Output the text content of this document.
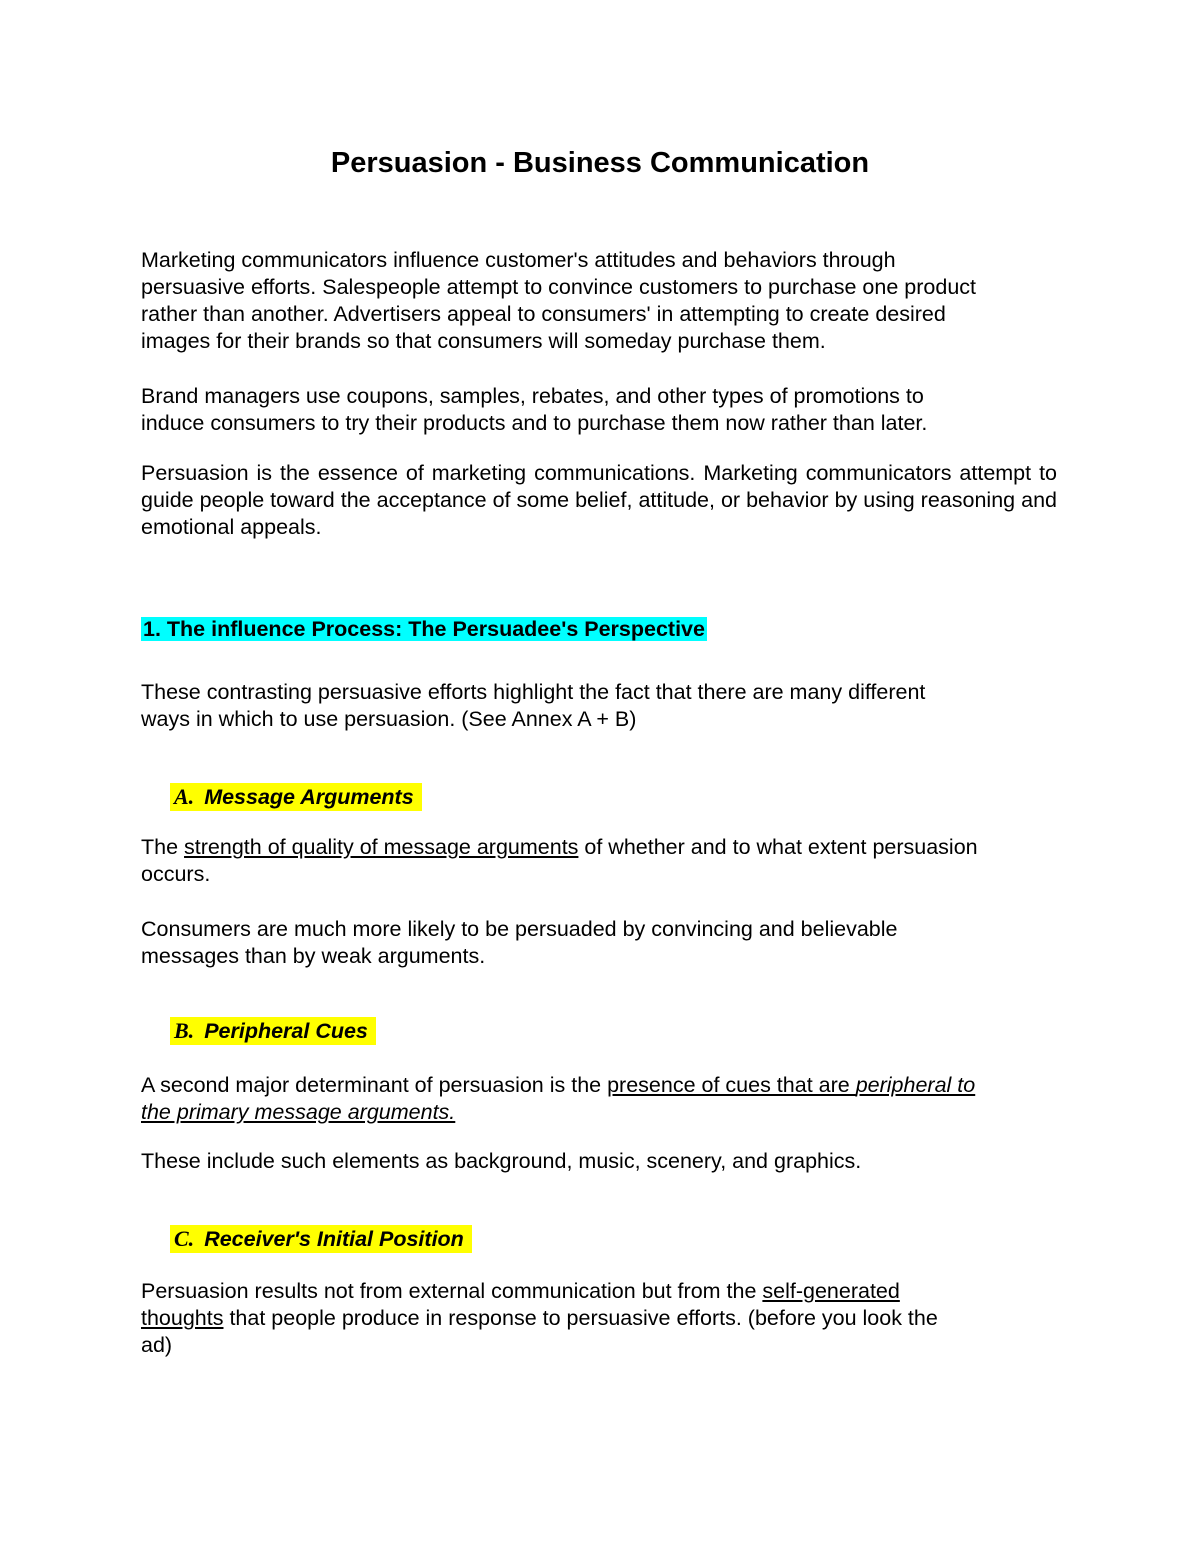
Persuasion - Business Communication
Marketing communicators influence customer's attitudes and behaviors through
persuasive efforts. Salespeople attempt to convince customers to purchase one product
rather than another. Advertisers appeal to consumers' in attempting to create desired
images for their brands so that consumers will someday purchase them.
Brand managers use coupons, samples, rebates, and other types of promotions to
induce consumers to try their products and to purchase them now rather than later.

Persuasion is the essence of marketing communications. Marketing communicators attempt to guide people toward the acceptance of some belief, attitude, or behavior by using reasoning and emotional appeals.

1. The influence Process: The Persuadee's Perspective
These contrasting persuasive efforts highlight the fact that there are many different
ways in which to use persuasion. (See Annex A + B)
A. Message Arguments
The strength of quality of message arguments of whether and to what extent persuasion
occurs.
Consumers are much more likely to be persuaded by convincing and believable
messages than by weak arguments.
B. Peripheral Cues
A second major determinant of persuasion is the presence of cues that are peripheral to
the primary message arguments.
These include such elements as background, music, scenery, and graphics.
C. Receiver's Initial Position
Persuasion results not from external communication but from the self-generated
thoughts that people produce in response to persuasive efforts. (before you look the
ad)
